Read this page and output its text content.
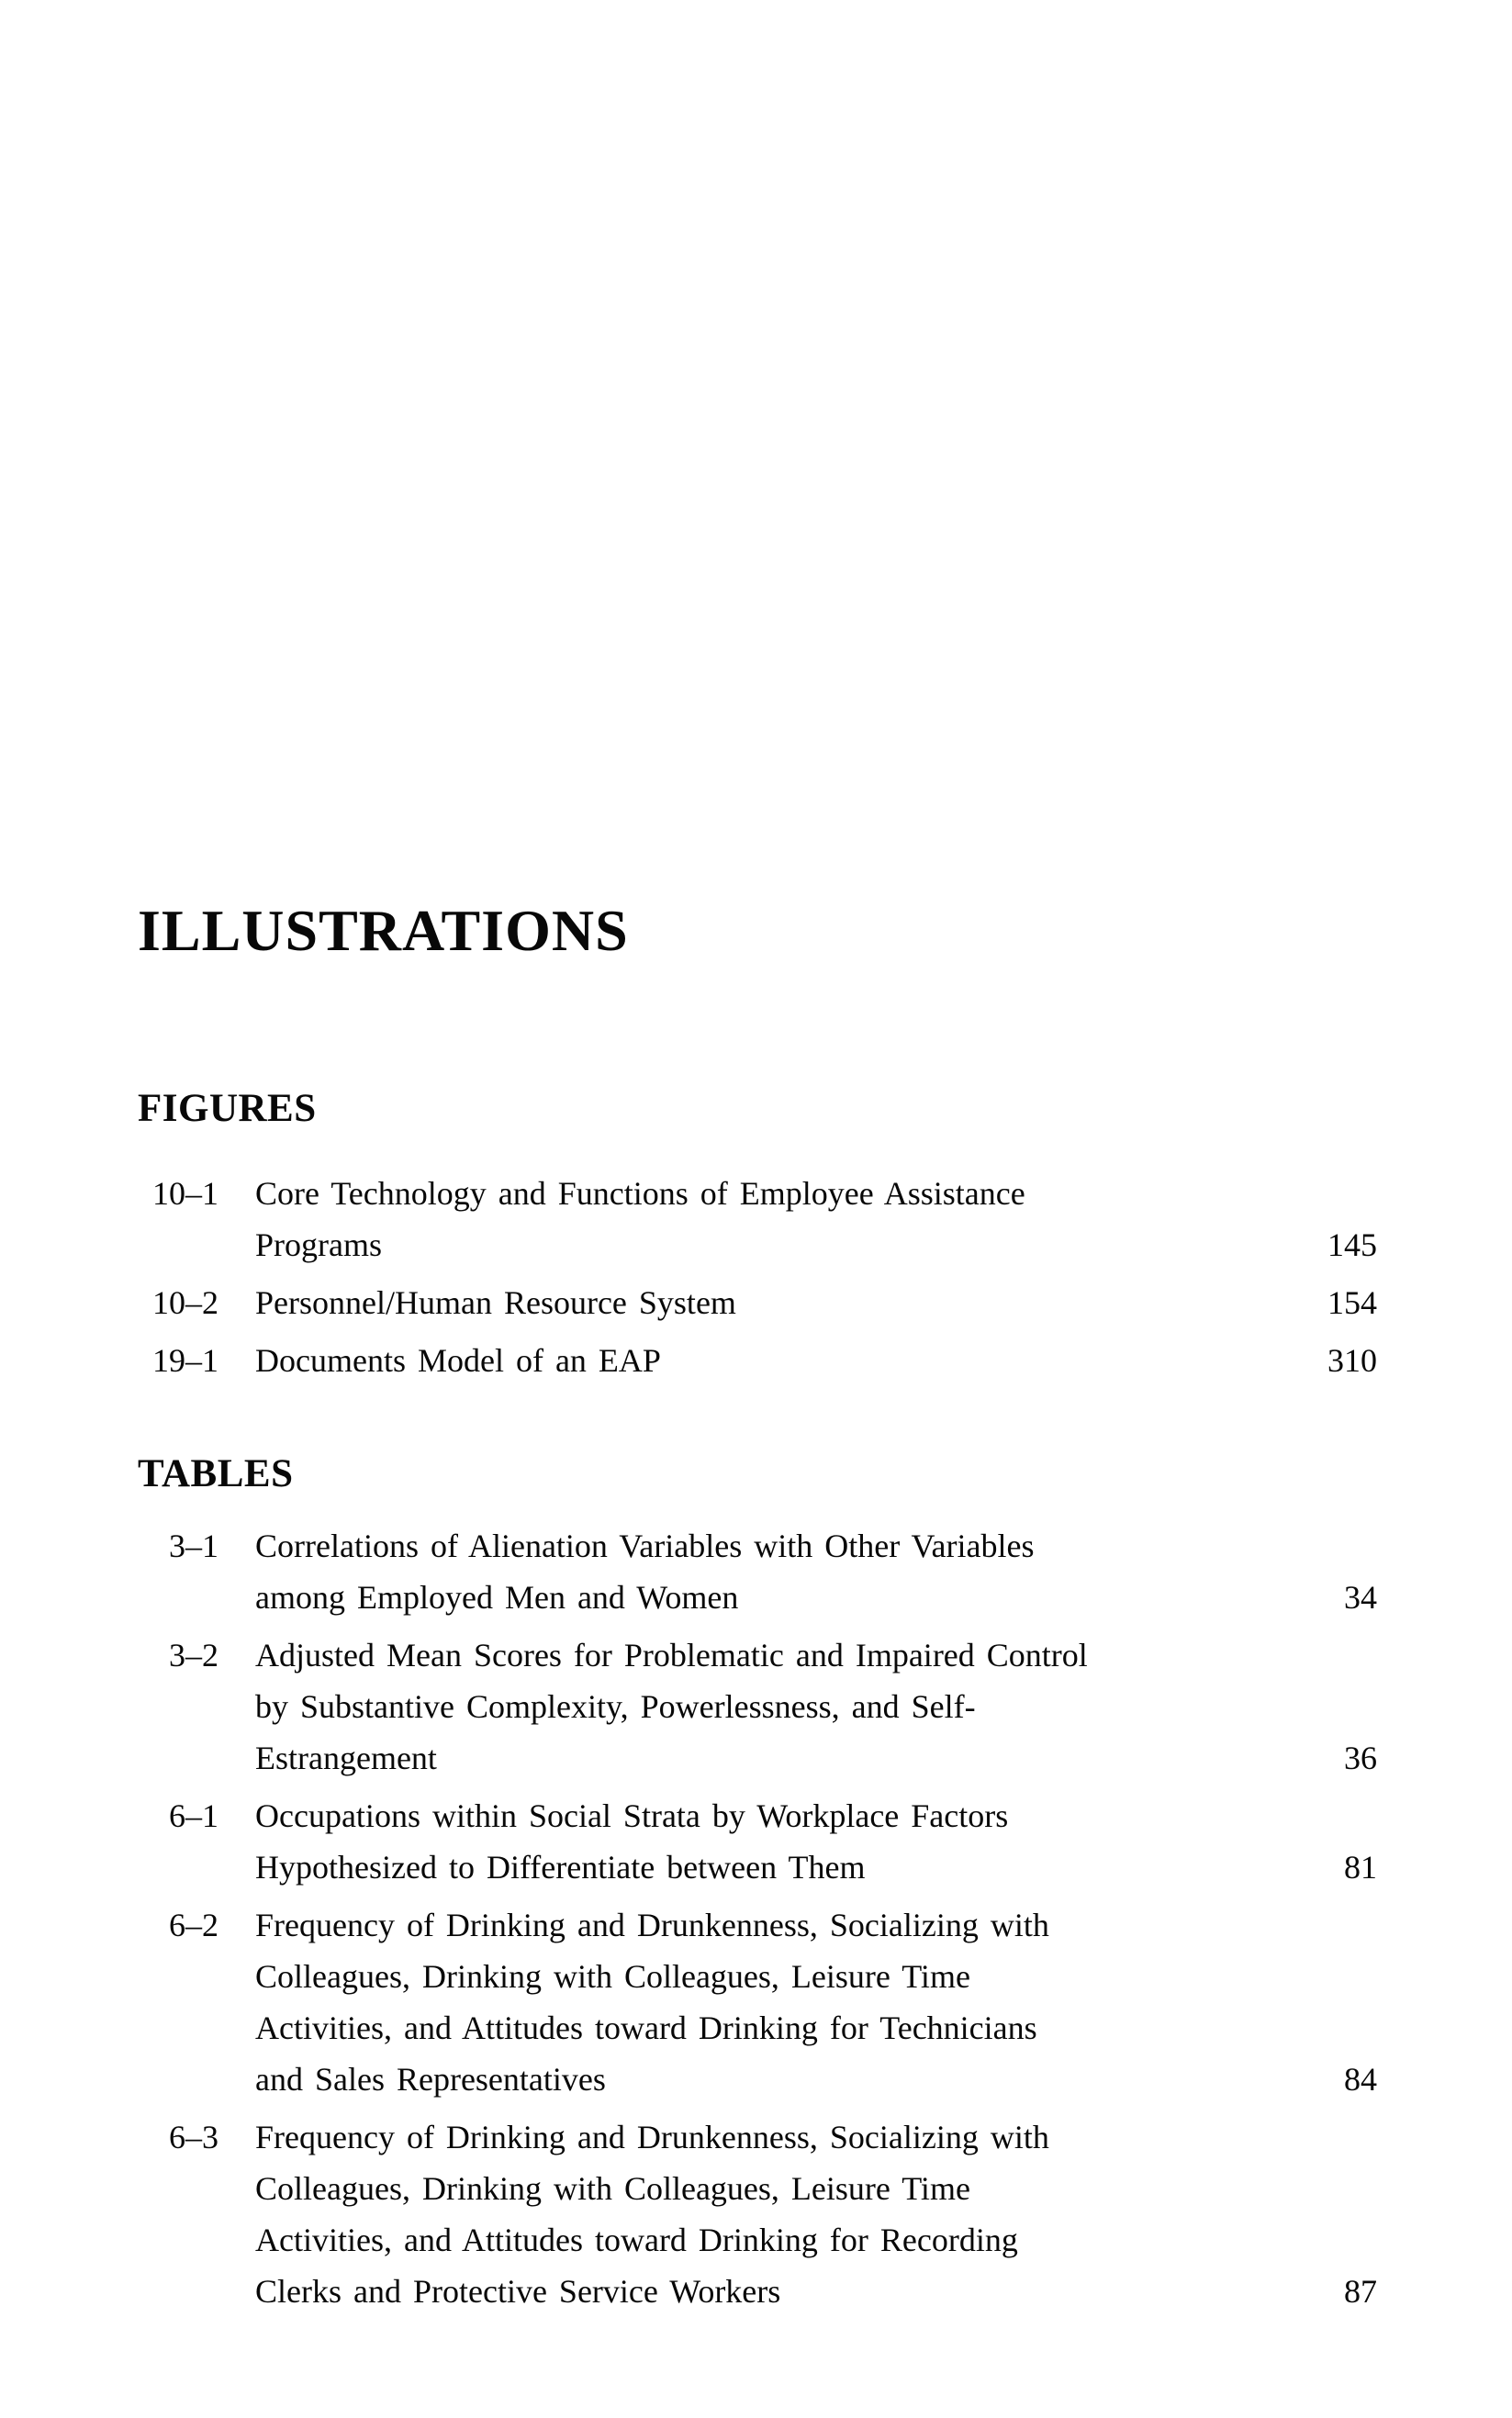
ILLUSTRATIONS
FIGURES
10–1 Core Technology and Functions of Employee Assistance
Programs	145
10–2 Personnel/Human Resource System	154
19–1 Documents Model of an EAP	310
TABLES
3–1 Correlations of Alienation Variables with Other Variables
among Employed Men and Women	34
3–2 Adjusted Mean Scores for Problematic and Impaired Control
by Substantive Complexity, Powerlessness, and Self-
Estrangement	36
6–1 Occupations within Social Strata by Workplace Factors
Hypothesized to Differentiate between Them	81
6–2 Frequency of Drinking and Drunkenness, Socializing with
Colleagues, Drinking with Colleagues, Leisure Time
Activities, and Attitudes toward Drinking for Technicians
and Sales Representatives	84
6–3 Frequency of Drinking and Drunkenness, Socializing with
Colleagues, Drinking with Colleagues, Leisure Time
Activities, and Attitudes toward Drinking for Recording
Clerks and Protective Service Workers	87
